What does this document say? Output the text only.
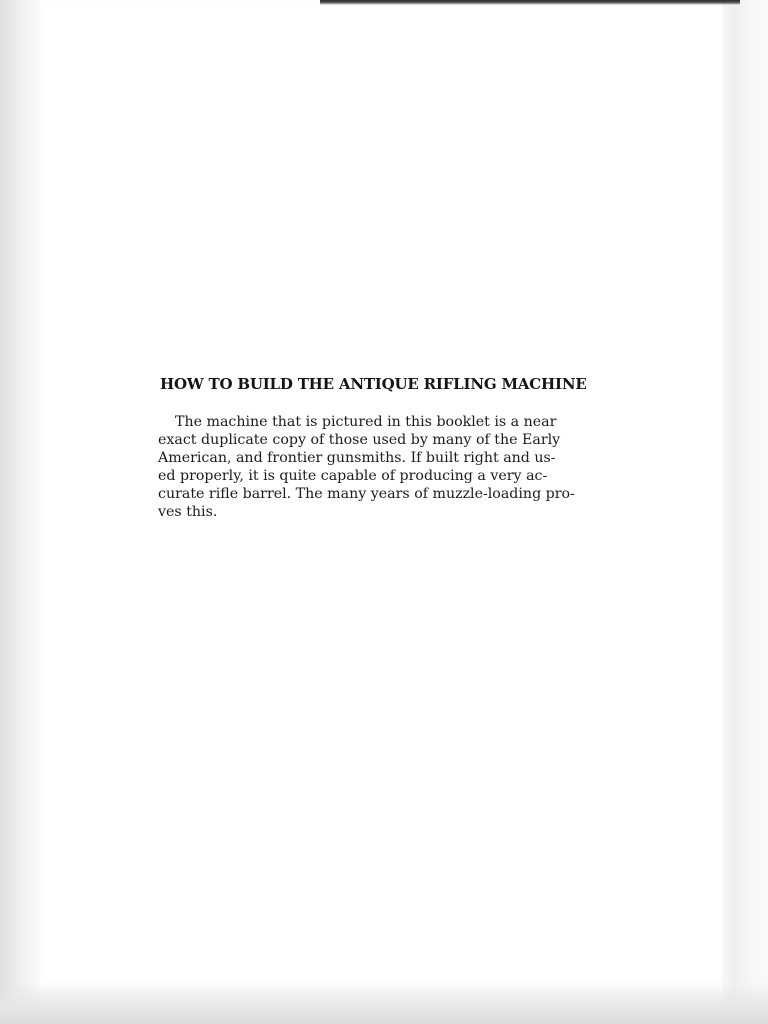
HOW TO BUILD THE ANTIQUE RIFLING MACHINE

The machine that is pictured in this booklet is a near
exact duplicate copy of those used by many of the Early
American, and frontier gunsmiths. If built right and us-
ed properly, it is quite capable of producing a very ac-
curate rifle barrel. The many years of muzzle-loading pro-
ves this.
